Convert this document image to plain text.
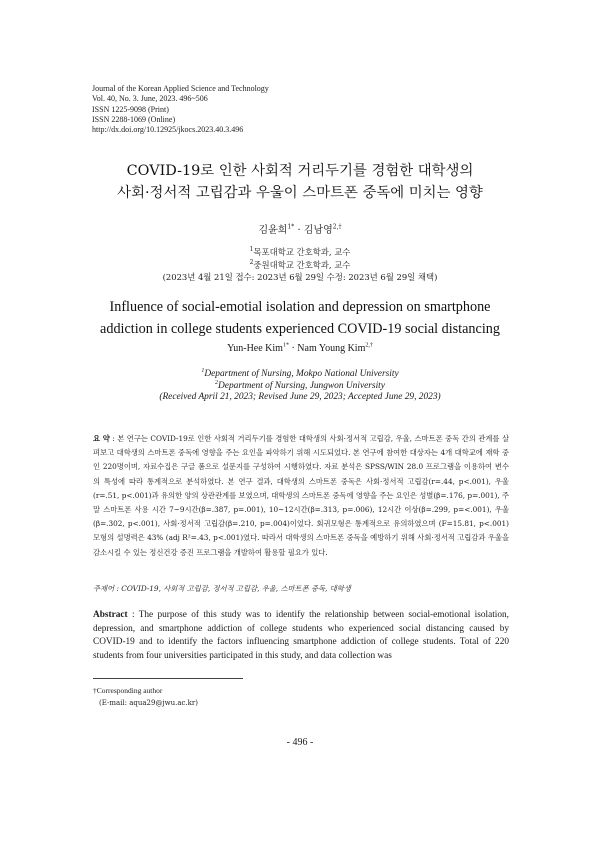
Journal of the Korean Applied Science and Technology
Vol. 40, No. 3. June, 2023. 496~506
ISSN 1225-9098 (Print)
ISSN 2288-1069 (Online)
http://dx.doi.org/10.12925/jkocs.2023.40.3.496
COVID-19로 인한 사회적 거리두기를 경험한 대학생의
사회·정서적 고립감과 우울이 스마트폰 중독에 미치는 영향
김윤희$^{1*}$ · 김남영$^{2,\dagger}$
$^1$목포대학교 간호학과, 교수
$^2$중원대학교 간호학과, 교수
(2023년 4월 21일 접수: 2023년 6월 29일 수정: 2023년 6월 29일 채택)
Influence of social-emotial isolation and depression on smartphone
addiction in college students experienced COVID-19 social distancing
Yun-Hee Kim$^{1*}$ · Nam Young Kim$^{2,\dagger}$
$^1$Department of Nursing, Mokpo National University
$^2$Department of Nursing, Jungwon University
(Received April 21, 2023; Revised June 29, 2023; Accepted June 29, 2023)
요 약 : 본 연구는 COVID-19로 인한 사회적 거리두기를 경험한 대학생의 사회·정서적 고립감, 우울, 스마트폰 중독 간의 관계를 살펴보고 대학생의 스마트폰 중독에 영향을 주는 요인을 파악하기 위해 시도되었다. 본 연구에 참여한 대상자는 4개 대학교에 재학 중인 220명이며, 자료수집은 구글 폼으로 설문지를 구성하여 시행하였다. 자료 분석은 SPSS/WIN 28.0 프로그램을 이용하여 변수의 특성에 따라 통계적으로 분석하였다. 본 연구 결과, 대학생의 스마트폰 중독은 사회·정서적 고립감(r=.44, p<.001), 우울(r=.51, p<.001)과 유의한 양의 상관관계를 보였으며, 대학생의 스마트폰 중독에 영향을 주는 요인은 성별(β=.176, p=.001), 주말 스마트폰 사용 시간 7~9시간(β=.387, p=.001), 10~12시간(β=.313, p=.006), 12시간 이상(β=.299, p=<.001), 우울(β=.302, p<.001), 사회·정서적 고립감(β=.210, p=.004)이었다. 회귀모형은 통계적으로 유의하였으며 (F=15.81, p<.001) 모형의 설명력은 43% (adj R²=.43, p<.001)였다. 따라서 대학생의 스마트폰 중독을 예방하기 위해 사회·정서적 고립감과 우울을 감소시킬 수 있는 정신건강 증진 프로그램을 개발하여 활용할 필요가 있다.
주제어 : COVID-19, 사회적 고립감, 정서적 고립감, 우울, 스마트폰 중독, 대학생
Abstract : The purpose of this study was to identify the relationship between social-emotional isolation, depression, and smartphone addiction of college students who experienced social distancing caused by COVID-19 and to identify the factors influencing smartphone addiction of college students. Total of 220 students from four universities participated in this study, and data collection was
†Corresponding author
(E-mail: aqua29@jwu.ac.kr)
- 496 -
